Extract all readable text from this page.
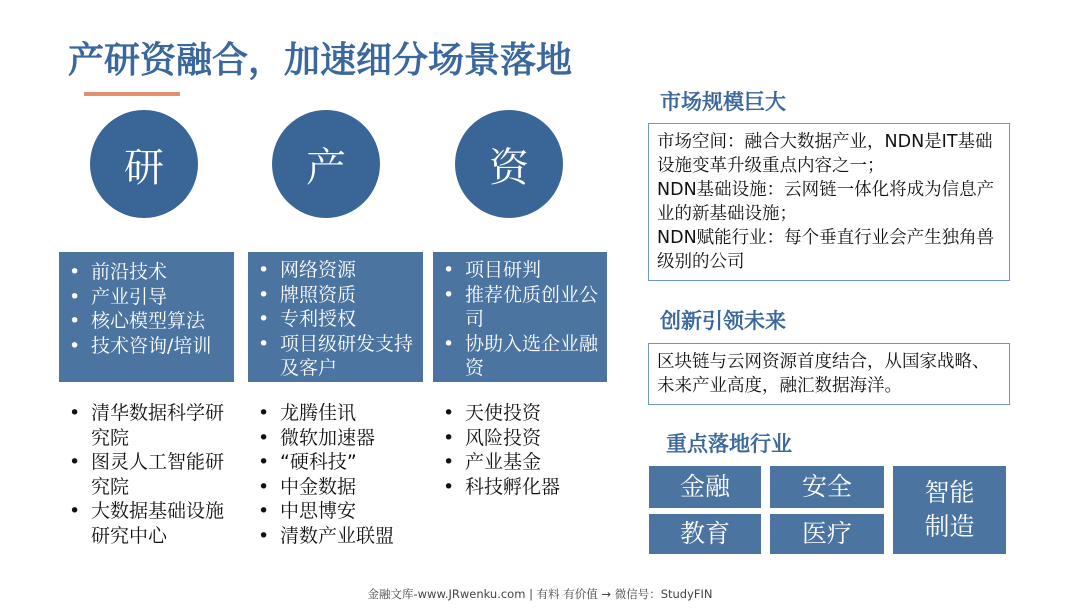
产研资融合，加速细分场景落地
研	产	资
• 前沿技术
• 产业引导
• 核心模型算法
• 技术咨询/培训
• 网络资源
• 牌照资质
• 专利授权
• 项目级研发支持及客户
• 项目研判
• 推荐优质创业公司
• 协助入选企业融资
• 清华数据科学研究院
• 图灵人工智能研究院
• 大数据基础设施研究中心
• 龙腾佳讯
• 微软加速器
• “硬科技”
• 中金数据
• 中思博安
• 清数产业联盟
• 天使投资
• 风险投资
• 产业基金
• 科技孵化器
市场规模巨大

市场空间：融合大数据产业，NDN是IT基础设施变革升级重点内容之一；

NDN基础设施：云网链一体化将成为信息产业的新基础设施；

NDN赋能行业：每个垂直行业会产生独角兽级别的公司

创新引领未来

区块链与云网资源首度结合，从国家战略、未来产业高度，融汇数据海洋。

重点落地行业
金融	安全	智能
制造
教育	医疗
金融文库-www.JRwenku.com | 有料 有价值 → 微信号：StudyFIN
